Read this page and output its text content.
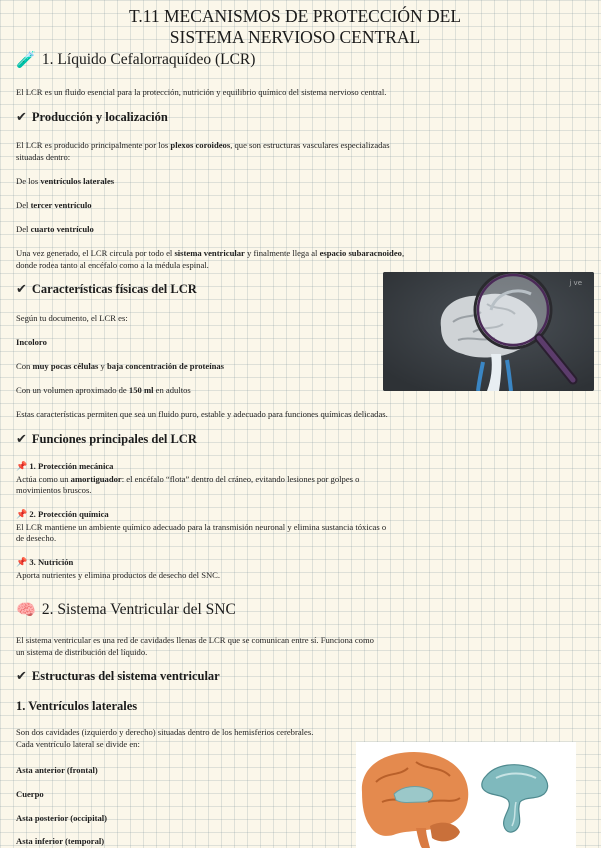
T.11 MECANISMOS DE PROTECCIÓN DEL
SISTEMA NERVIOSO CENTRAL
🧪 1. Líquido Cefalorraquídeo (LCR)
El LCR es un fluido esencial para la protección, nutrición y equilibrio químico del sistema nervioso central.
✔ Producción y localización
El LCR es producido principalmente por los plexos coroideos, que son estructuras vasculares especializadas
situadas dentro:
De los ventrículos laterales
Del tercer ventrículo
Del cuarto ventrículo
Una vez generado, el LCR circula por todo el sistema ventricular y finalmente llega al espacio subaracnoideo,
donde rodea tanto al encéfalo como a la médula espinal.
✔ Características físicas del LCR
Según tu documento, el LCR es:
Incoloro
Con muy pocas células y baja concentración de proteínas
Con un volumen aproximado de 150 ml en adultos
Estas características permiten que sea un fluido puro, estable y adecuado para funciones químicas delicadas.
j ve
✔ Funciones principales del LCR
📌 1. Protección mecánica
Actúa como un amortiguador: el encéfalo “flota” dentro del cráneo, evitando lesiones por golpes o
movimientos bruscos.
📌 2. Protección química
El LCR mantiene un ambiente químico adecuado para la transmisión neuronal y elimina sustancia tóxicas o
de desecho.
📌 3. Nutrición
Aporta nutrientes y elimina productos de desecho del SNC.
🧠 2. Sistema Ventricular del SNC
El sistema ventricular es una red de cavidades llenas de LCR que se comunican entre sí. Funciona como
un sistema de distribución del líquido.
✔ Estructuras del sistema ventricular
1. Ventrículos laterales
Son dos cavidades (izquierdo y derecho) situadas dentro de los hemisferios cerebrales.
Cada ventrículo lateral se divide en:
Asta anterior (frontal)
Cuerpo
Asta posterior (occipital)
Asta inferior (temporal)
